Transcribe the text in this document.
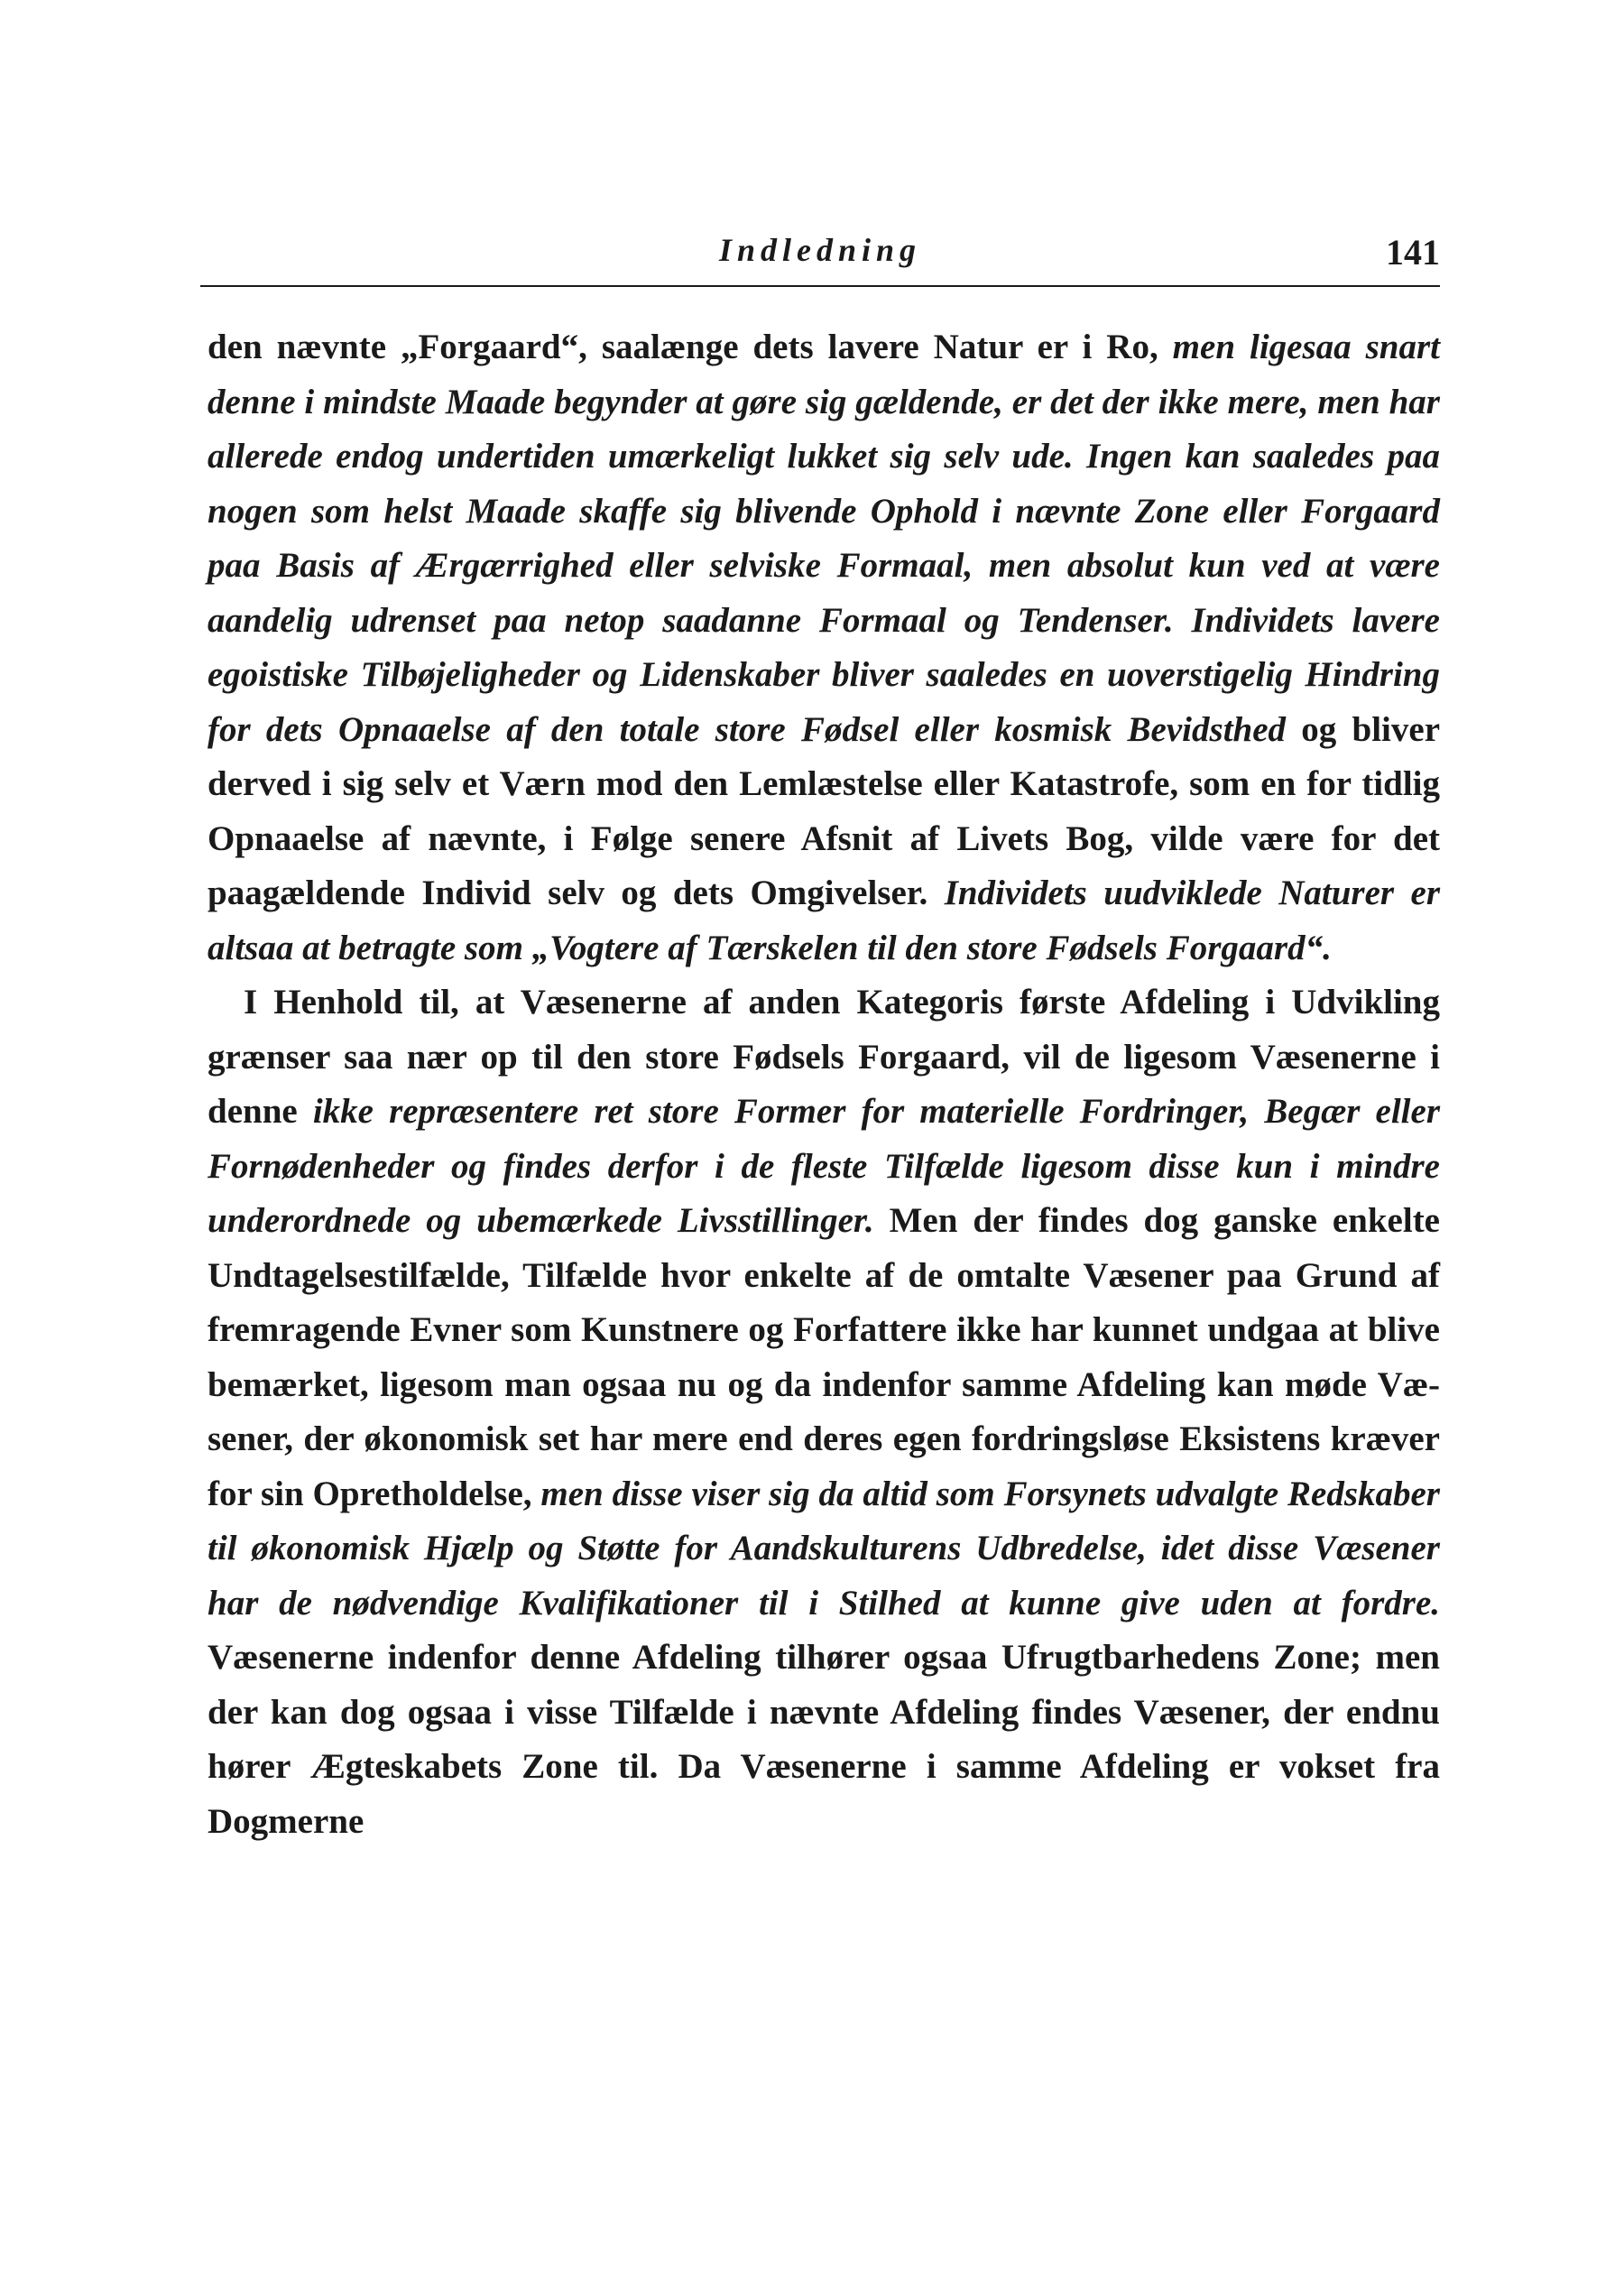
Indledning	141

den nævnte „Forgaard“, saalænge dets lavere Natur er i Ro, men ligesaa snart denne i mindste Maade begynder at gøre sig gældende, er det der ikke mere, men har allerede endog undertiden umærkeligt lukket sig selv ude. Ingen kan saaledes paa nogen som helst Maade skaffe sig blivende Ophold i nævnte Zone eller Forgaard paa Basis af Ærgærrighed eller selviske Formaal, men absolut kun ved at være aandelig udrenset paa netop saadanne Formaal og Tendenser. Individets lavere egoistiske Tilbøjeligheder og Lidenskaber bliver saaledes en uoverstigelig Hindring for dets Opnaaelse af den totale store Fødsel eller kosmisk Bevidsthed og bliver derved i sig selv et Værn mod den Lemlæstelse eller Katastrofe, som en for tidlig Opnaaelse af nævnte, i Følge senere Afsnit af Livets Bog, vilde være for det paagældende Individ selv og dets Omgivelser. Individets uudviklede Naturer er altsaa at betragte som „Vogtere af Tærskelen til den store Fødsels Forgaard“.

I Henhold til, at Væsenerne af anden Kategoris første Afdeling i Udvikling grænser saa nær op til den store Fødsels Forgaard, vil de ligesom Væsenerne i denne ikke repræsentere ret store Former for materielle Fordringer, Begær eller Fornødenheder og findes derfor i de fleste Tilfælde ligesom disse kun i mindre underordnede og ubemærkede Livsstillinger. Men der findes dog ganske enkelte Undtagelsestilfælde, Tilfælde hvor enkelte af de omtalte Væsener paa Grund af fremragende Evner som Kunstnere og Forfattere ikke har kunnet undgaa at blive bemærket, ligesom man ogsaa nu og da indenfor samme Afdeling kan møde Væsener, der økonomisk set har mere end deres egen fordringsløse Eksistens kræver for sin Opretholdelse, men disse viser sig da altid som Forsynets udvalgte Redskaber til økonomisk Hjælp og Støtte for Aandskulturens Udbredelse, idet disse Væsener har de nødvendige Kvalifikationer til i Stilhed at kunne give uden at fordre. Væsenerne indenfor denne Afdeling tilhører ogsaa Ufrugtbarhedens Zone; men der kan dog ogsaa i visse Tilfælde i nævnte Afdeling findes Væsener, der endnu hører Ægteskabets Zone til. Da Væsenerne i samme Afdeling er vokset fra Dogmerne
